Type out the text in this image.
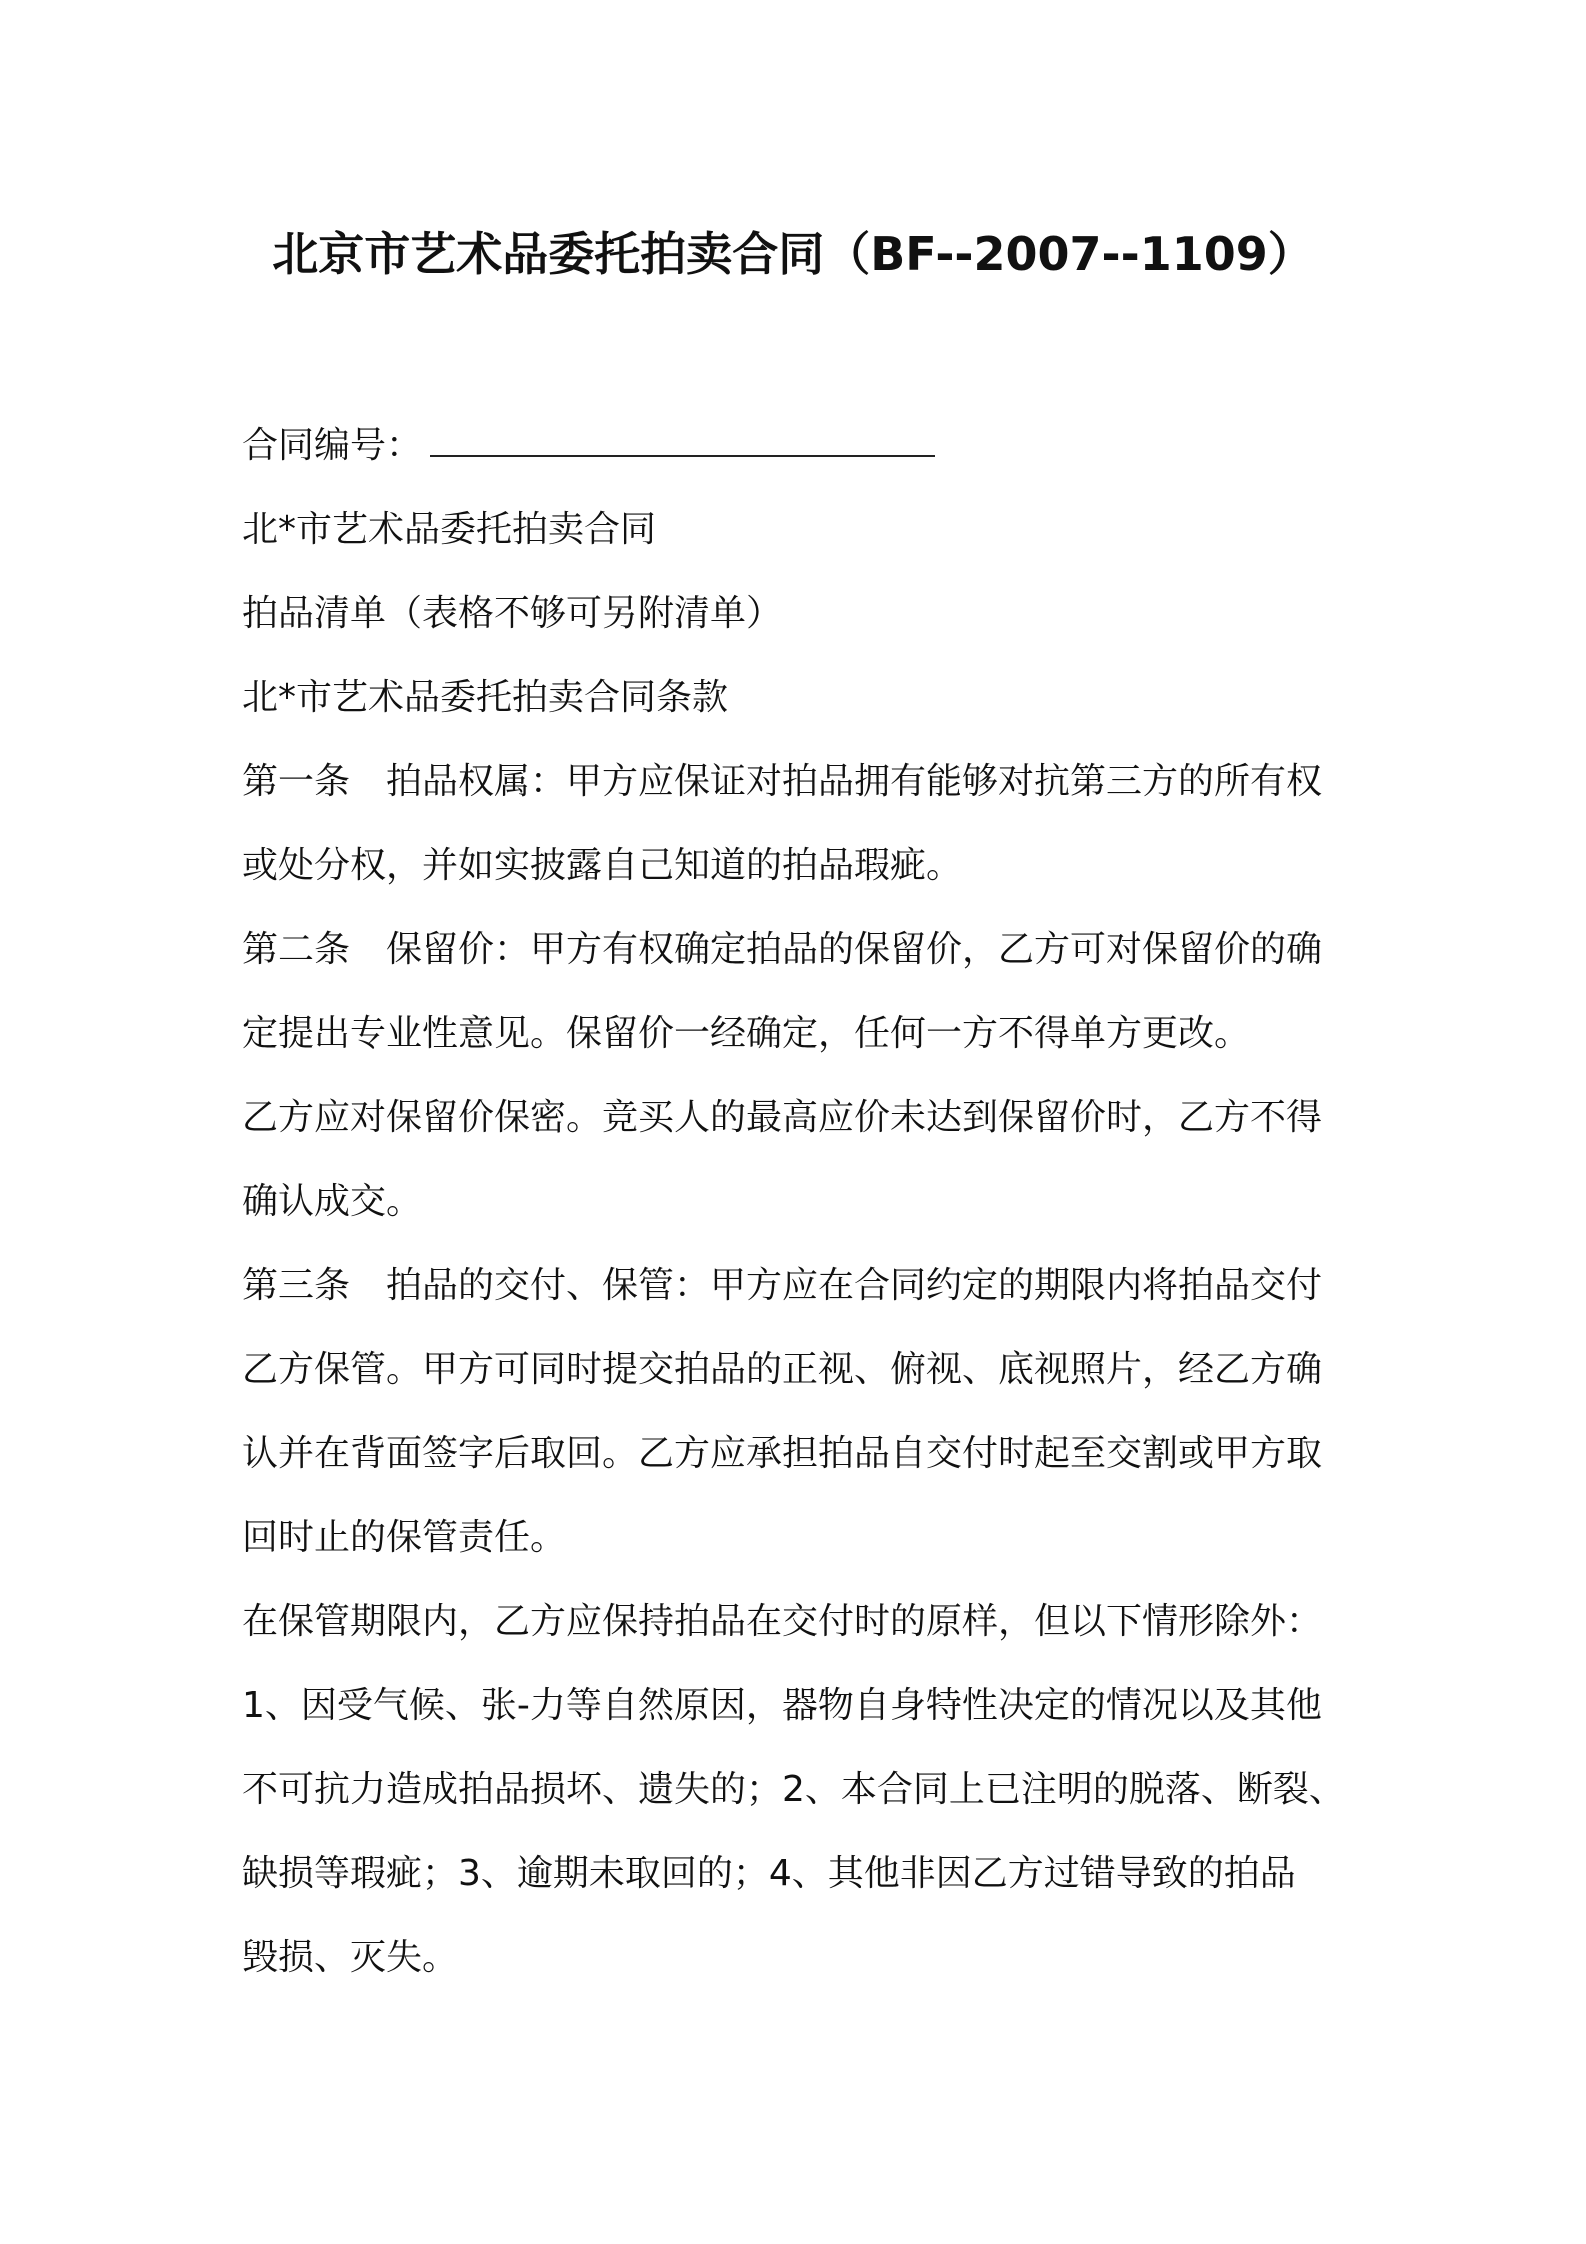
北京市艺术品委托拍卖合同（BF--2007--1109）
合同编号：
北*市艺术品委托拍卖合同
拍品清单（表格不够可另附清单）
北*市艺术品委托拍卖合同条款
第一条 拍品权属：甲方应保证对拍品拥有能够对抗第三方的所有权
或处分权，并如实披露自己知道的拍品瑕疵。
第二条 保留价：甲方有权确定拍品的保留价，乙方可对保留价的确
定提出专业性意见。保留价一经确定，任何一方不得单方更改。
乙方应对保留价保密。竞买人的最高应价未达到保留价时，乙方不得
确认成交。
第三条 拍品的交付、保管：甲方应在合同约定的期限内将拍品交付
乙方保管。甲方可同时提交拍品的正视、俯视、底视照片，经乙方确
认并在背面签字后取回。乙方应承担拍品自交付时起至交割或甲方取
回时止的保管责任。
在保管期限内，乙方应保持拍品在交付时的原样，但以下情形除外：
1、因受气候、张-力等自然原因，器物自身特性决定的情况以及其他
不可抗力造成拍品损坏、遗失的；2、本合同上已注明的脱落、断裂、
缺损等瑕疵；3、逾期未取回的；4、其他非因乙方过错导致的拍品
毁损、灭失。
